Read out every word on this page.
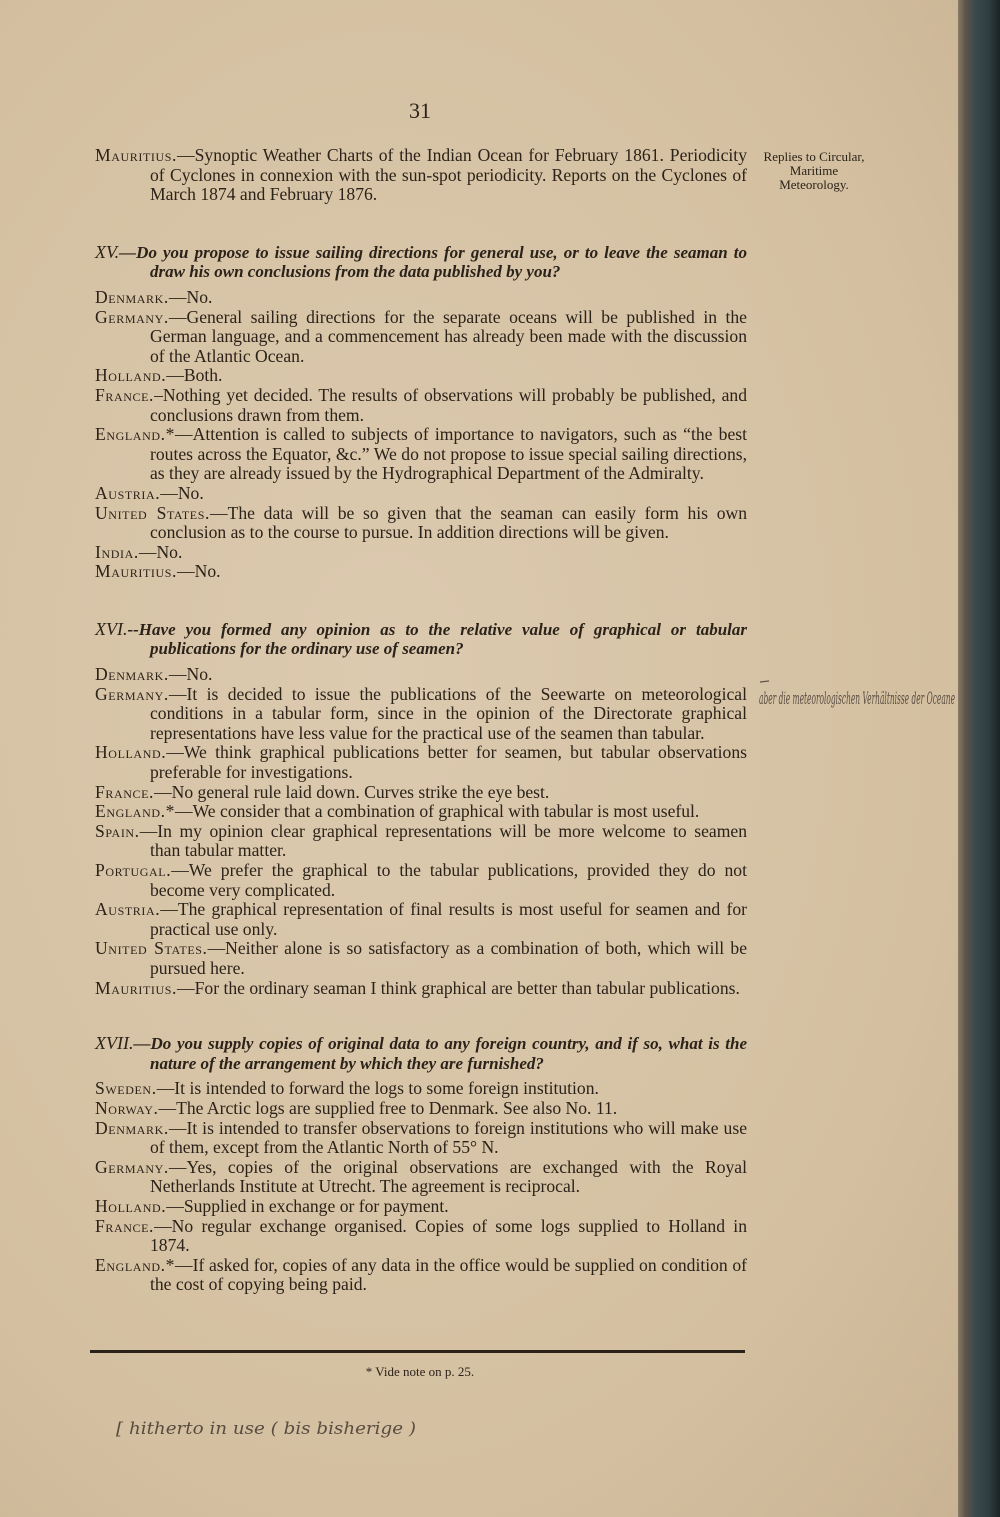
31
Replies to Circular, Maritime Meteorology.

Mauritius.—Synoptic Weather Charts of the Indian Ocean for February 1861. Periodicity of Cyclones in connexion with the sun-spot periodicity. Reports on the Cyclones of March 1874 and February 1876.

XV.—Do you propose to issue sailing directions for general use, or to leave the seaman to draw his own conclusions from the data published by you?

Denmark.—No.

Germany.—General sailing directions for the separate oceans will be published in the German language, and a commencement has already been made with the discussion of the Atlantic Ocean.

Holland.—Both.

France.–Nothing yet decided. The results of observations will probably be published, and conclusions drawn from them.

England.*—Attention is called to subjects of importance to navigators, such as “the best routes across the Equator, &c.” We do not propose to issue special sailing directions, as they are already issued by the Hydrographical Department of the Admiralty.

Austria.—No.

United States.—The data will be so given that the seaman can easily form his own conclusion as to the course to pursue. In addition directions will be given.

India.—No.

Mauritius.—No.

XVI.--Have you formed any opinion as to the relative value of graphical or tabular publications for the ordinary use of seamen?

Denmark.—No.

Germany.—It is decided to issue the publications of the Seewarte on meteorological conditions in a tabular form, since in the opinion of the Directorate graphical representations have less value for the practical use of the seamen than tabular.

Holland.—We think graphical publications better for seamen, but tabular observations preferable for investigations.

France.—No general rule laid down. Curves strike the eye best.

England.*—We consider that a combination of graphical with tabular is most useful.

Spain.—In my opinion clear graphical representations will be more welcome to seamen than tabular matter.

Portugal.—We prefer the graphical to the tabular publications, provided they do not become very complicated.

Austria.—The graphical representation of final results is most useful for seamen and for practical use only.

United States.—Neither alone is so satisfactory as a combination of both, which will be pursued here.

Mauritius.—For the ordinary seaman I think graphical are better than tabular publications.

XVII.—Do you supply copies of original data to any foreign country, and if so, what is the nature of the arrangement by which they are furnished?

Sweden.—It is intended to forward the logs to some foreign institution.

Norway.—The Arctic logs are supplied free to Denmark. See also No. 11.

Denmark.—It is intended to transfer observations to foreign institutions who will make use of them, except from the Atlantic North of 55° N.

Germany.—Yes, copies of the original observations are exchanged with the Royal Netherlands Institute at Utrecht. The agreement is reciprocal.

Holland.—Supplied in exchange or for payment.

France.—No regular exchange organised. Copies of some logs supplied to Holland in 1874.

England.*—If asked for, copies of any data in the office would be supplied on condition of the cost of copying being paid.

* Vide note on p. 25.
aber die meteorologischen Verhältnisse der Oceane
[ hitherto in use ( bis bisherige )
